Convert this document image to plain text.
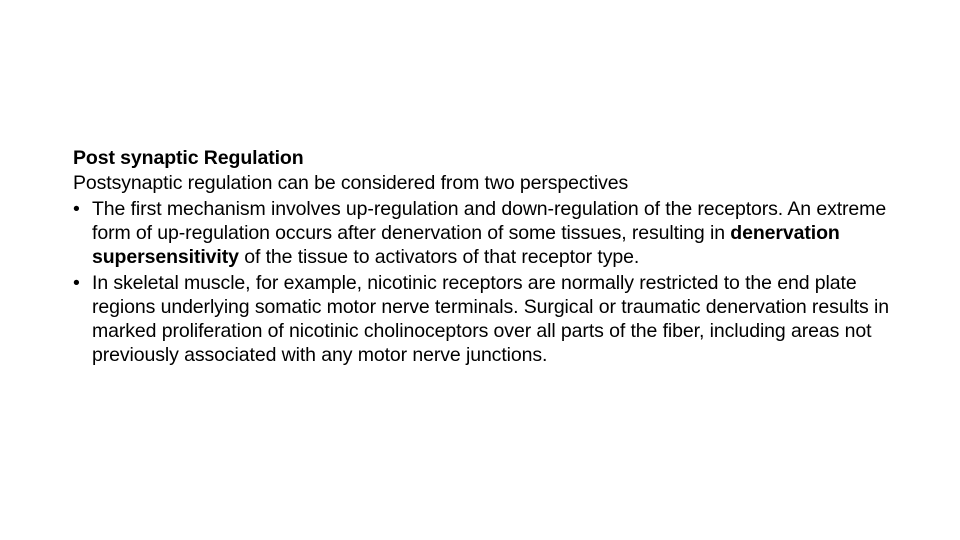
Post synaptic Regulation

Postsynaptic regulation can be considered from two perspectives

• The first mechanism involves up-regulation and down-regulation of the receptors. An extreme form of up-regulation occurs after denervation of some tissues, resulting in denervation supersensitivity of the tissue to activators of that receptor type.
• In skeletal muscle, for example, nicotinic receptors are normally restricted to the end plate regions underlying somatic motor nerve terminals. Surgical or traumatic denervation results in marked proliferation of nicotinic cholinoceptors over all parts of the fiber, including areas not previously associated with any motor nerve junctions.
